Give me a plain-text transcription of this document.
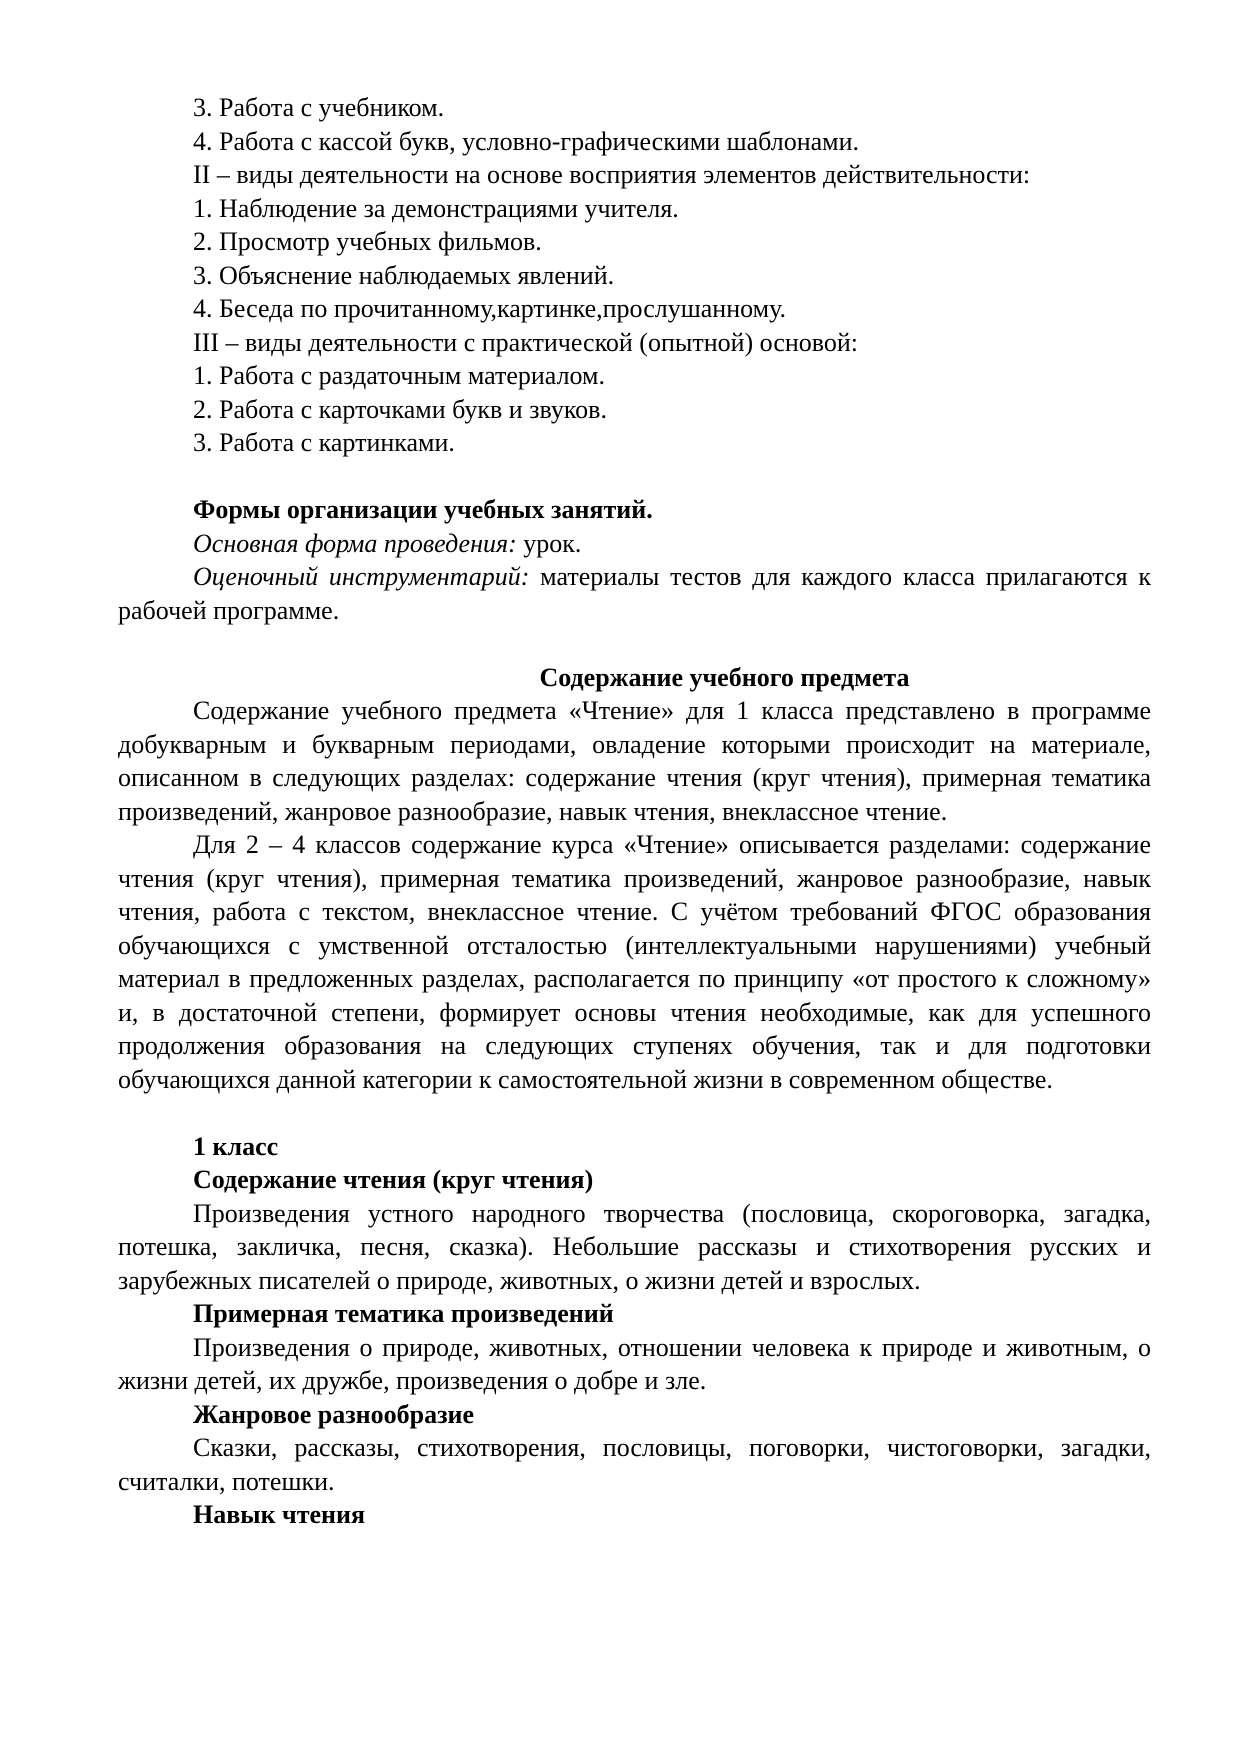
3. Работа с учебником.

4. Работа с кассой букв, условно-графическими шаблонами.

II – виды деятельности на основе восприятия элементов действительности:

1. Наблюдение за демонстрациями учителя.

2. Просмотр учебных фильмов.

3. Объяснение наблюдаемых явлений.

4. Беседа по прочитанному,картинке,прослушанному.

III – виды деятельности с практической (опытной) основой:

1. Работа с раздаточным материалом.

2. Работа с карточками букв и звуков.

3. Работа с картинками.

Формы организации учебных занятий.

Основная форма проведения: урок.

Оценочный инструментарий: материалы тестов для каждого класса прилагаются к рабочей программе.

Содержание учебного предмета

Содержание учебного предмета «Чтение» для 1 класса представлено в программе добукварным и букварным периодами, овладение которыми происходит на материале, описанном в следующих разделах: содержание чтения (круг чтения), примерная тематика произведений, жанровое разнообразие, навык чтения, внеклассное чтение.

Для 2 – 4 классов содержание курса «Чтение» описывается разделами: содержание чтения (круг чтения), примерная тематика произведений, жанровое разнообразие, навык чтения, работа с текстом, внеклассное чтение. С учётом требований ФГОС образования обучающихся с умственной отсталостью (интеллектуальными нарушениями) учебный материал в предложенных разделах, располагается по принципу «от простого к сложному» и, в достаточной степени, формирует основы чтения необходимые, как для успешного продолжения образования на следующих ступенях обучения, так и для подготовки обучающихся данной категории к самостоятельной жизни в современном обществе.

1 класс

Содержание чтения (круг чтения)

Произведения устного народного творчества (пословица, скороговорка, загадка, потешка, закличка, песня, сказка). Небольшие рассказы и стихотворения русских и зарубежных писателей о природе, животных, о жизни детей и взрослых.

Примерная тематика произведений

Произведения о природе, животных, отношении человека к природе и животным, о жизни детей, их дружбе, произведения о добре и зле.

Жанровое разнообразие

Сказки, рассказы, стихотворения, пословицы, поговорки, чистоговорки, загадки, считалки, потешки.

Навык чтения
